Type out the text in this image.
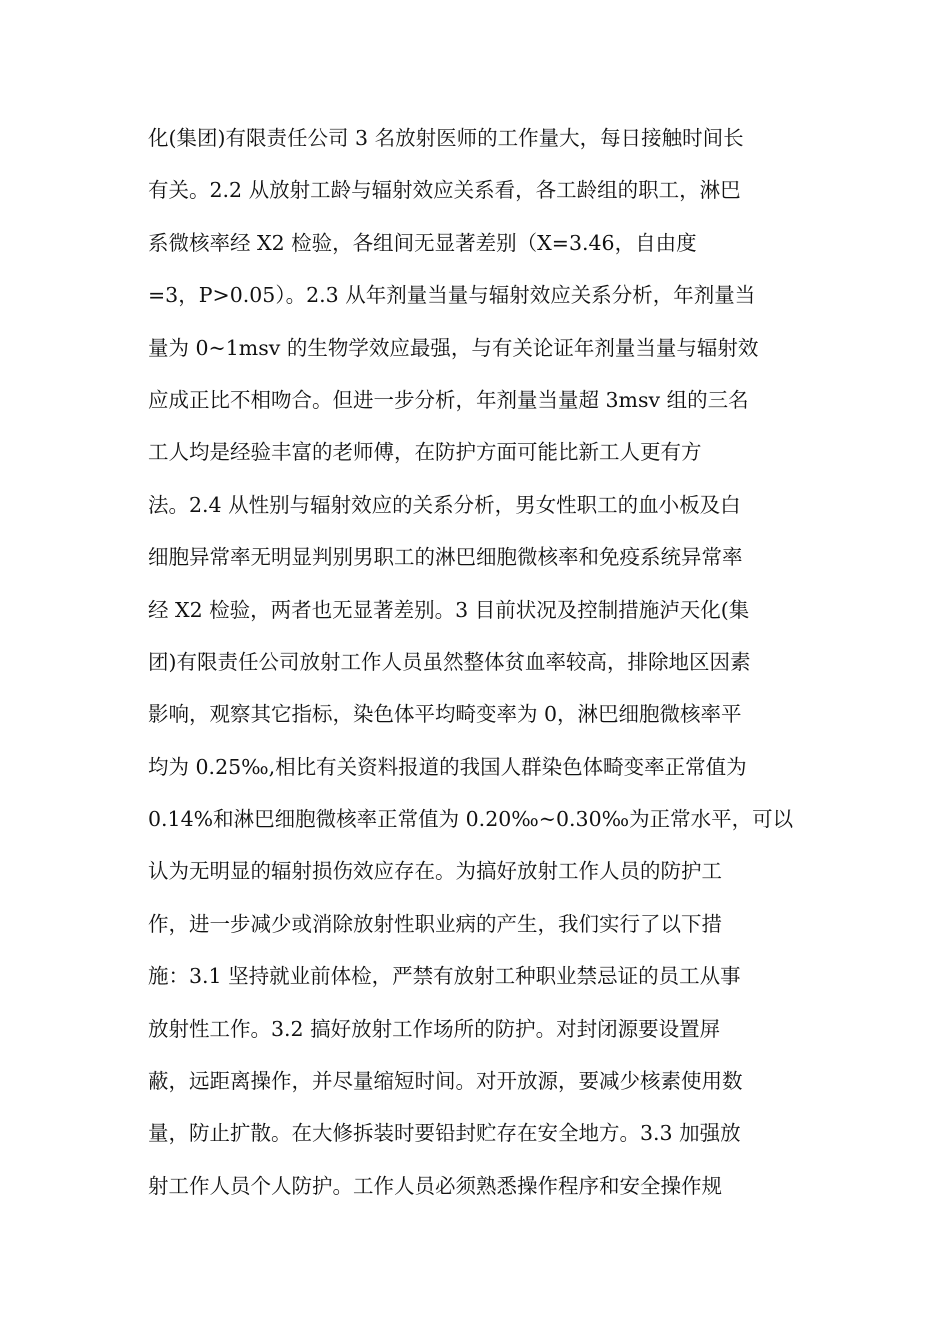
化(集团)有限责任公司 3 名放射医师的工作量大，每日接触时间长
有关。2.2 从放射工龄与辐射效应关系看，各工龄组的职工，淋巴
系微核率经 X2 检验，各组间无显著差别（X=3.46，自由度
=3，P>0.05）。2.3 从年剂量当量与辐射效应关系分析，年剂量当
量为 0~1msv 的生物学效应最强，与有关论证年剂量当量与辐射效
应成正比不相吻合。但进一步分析，年剂量当量超 3msv 组的三名
工人均是经验丰富的老师傅，在防护方面可能比新工人更有方
法。2.4 从性别与辐射效应的关系分析，男女性职工的血小板及白
细胞异常率无明显判别男职工的淋巴细胞微核率和免疫系统异常率
经 X2 检验，两者也无显著差别。3 目前状况及控制措施泸天化(集
团)有限责任公司放射工作人员虽然整体贫血率较高，排除地区因素
影响，观察其它指标，染色体平均畸变率为 0，淋巴细胞微核率平
均为 0.25‰,相比有关资料报道的我国人群染色体畸变率正常值为
0.14%和淋巴细胞微核率正常值为 0.20‰~0.30‰为正常水平，可以
认为无明显的辐射损伤效应存在。为搞好放射工作人员的防护工
作，进一步减少或消除放射性职业病的产生，我们实行了以下措
施：3.1 坚持就业前体检，严禁有放射工种职业禁忌证的员工从事
放射性工作。3.2 搞好放射工作场所的防护。对封闭源要设置屏
蔽，远距离操作，并尽量缩短时间。对开放源，要减少核素使用数
量，防止扩散。在大修拆装时要铅封贮存在安全地方。3.3 加强放
射工作人员个人防护。工作人员必须熟悉操作程序和安全操作规
